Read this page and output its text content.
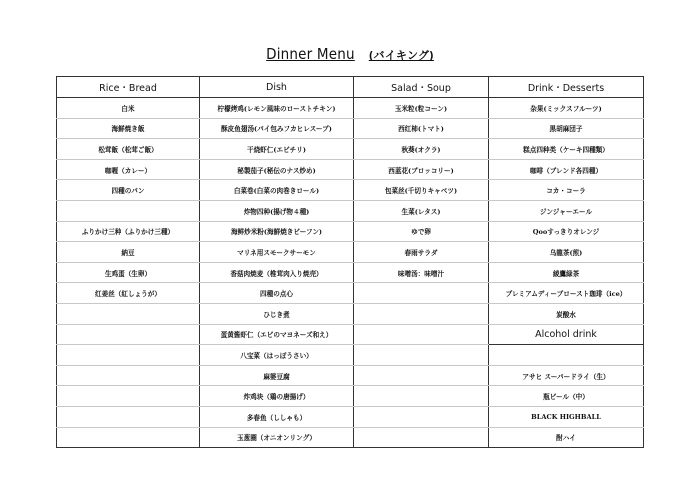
Dinner Menu (バイキング)
Rice・Bread	Dish	Salad・Soup	Drink・Desserts
白米	柠檬烤鸡(レモン風味のローストチキン)	玉米粒(粒コーン)	杂果(ミックスフルーツ)
海鮮焼き飯	酥皮鱼翅汤(パイ包みフカヒレスープ)	西红柿(トマト)	黒胡麻団子
松茸飯（松茸ご飯）	干烧虾仁(エビチリ)	秋葵(オクラ)	糕点四种类（ケーキ四種類）
咖喱（カレー）	秘製茄子(秘伝のナス炒め)	西蓝花(ブロッコリー)	咖啡（ブレンド各四種）
四種のパン	白菜卷(白菜の肉巻きロール)	包菜丝(千切りキャベツ)	コカ・コーラ
	炸物四种(揚げ物４種)	生菜(レタス)	ジンジャーエール
ふりかけ三种（ふりかけ三種）	海鲜炒米粉(海鮮焼きビーフン)	ゆで卵	Qooすっきりオレンジ
納豆	マリネ用スモークサーモン	春雨サラダ	乌龍茶(煎)
生鸡蛋（生卵）	香菇肉焼麦（椎茸肉入り焼売）	味噌汤：味噌汁	綾鷹緑茶
红姜丝（紅しょうが）	四種の点心		プレミアムディープロースト珈琲（ice）
	ひじき煮		炭酸水
	蛋黄酱虾仁（エビのマヨネーズ和え）		Alcohol drink
	八宝菜（はっぽうさい）		
	麻婆豆腐		アサヒ スーパードライ（生）
	炸鸡块（鶏の唐揚げ）		瓶ビール（中）
	多春鱼（ししゃも）		BLACK HIGHBALL
	玉葱圈（オニオンリング）		酎ハイ
